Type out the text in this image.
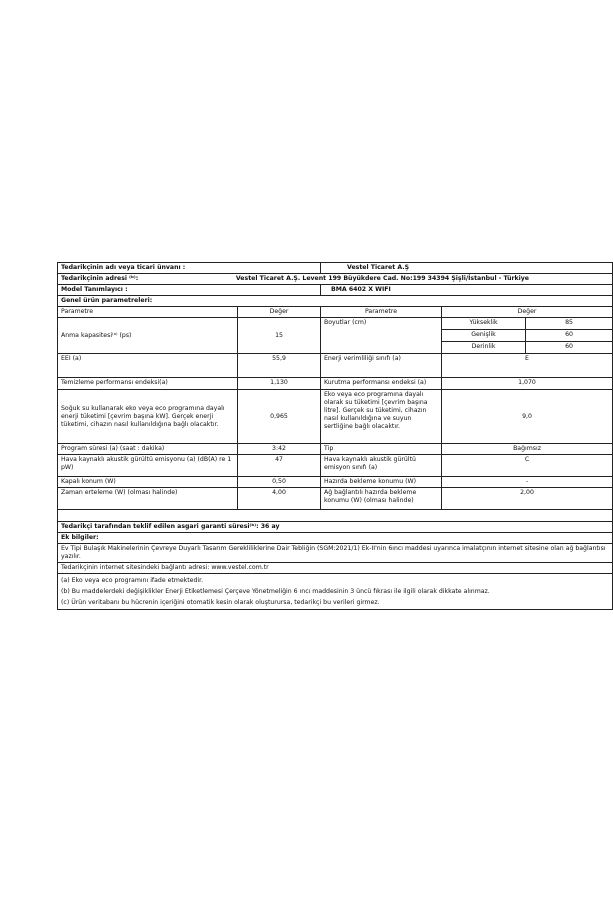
Tedarikçinin adı veya ticari ünvanı :		Vestel Ticaret A.Ş		
Tedarikçinin adresi ⁽ᵇ⁾: Vestel Ticaret A.Ş. Levent 199 Büyükdere Cad. No:199 34394 Şişli/İstanbul - Türkiye				

Model Tanımlayıcı :		BMA 6402 X WIFI		
Genel ürün parametreleri:				
Parametre	Değer	Parametre	Değer	
Anma kapasitesi⁽ᵃ⁾ (ps)	15	Boyutlar (cm)	Yükseklik	85
			Genişlik	60
			Derinlik	60
EEI (a)	55,9	Enerji verimliliği sınıfı (a)	E	
Temizleme performansı endeksi(a)	1,130	Kurutma performansı endeksi (a)	1,070	
Soğuk su kullanarak eko veya eco programına dayalı enerji tüketimi [çevrim başına kW]. Gerçek enerji tüketimi, cihazın nasıl kullanıldığına bağlı olacaktır.	0,965	Eko veya eco programına dayalı olarak su tüketimi [çevrim başına litre]. Gerçek su tüketimi, cihazın nasıl kullanıldığına ve suyun sertliğine bağlı olacaktır.	9,0	
Program süresi (a) (saat : dakika)	3:42	Tip	Bağımsız	
Hava kaynaklı akustik gürültü emisyonu (a) (dB(A) re 1 pW)	47	Hava kaynaklı akustik gürültü emisyon sınıfı (a)	C	
Kapalı konum (W)	0,50	Hazırda bekleme konumu (W)	-	
Zaman erteleme (W) (olması halinde)	4,00	Ağ bağlantılı hazırda bekleme konumu (W) (olması halinde)	2,00	

Tedarikçi tarafından teklif edilen asgari garanti süresi⁽ᵇ⁾: 36 ay				
Ek bilgiler:				
Ev Tipi Bulaşık Makinelerinin Çevreye Duyarlı Tasarım Gerekliliklerine Dair Tebliğin (SGM:2021/1) Ek-II'nin 6ıncı maddesi uyarınca imalatçının internet sitesine olan ağ bağlantısı yazılır.				
Tedarikçinin internet sitesindeki bağlantı adresi: www.vestel.com.tr				

(a) Eko veya eco programını ifade etmektedir.
(b) Bu maddelerdeki değişiklikler Enerji Etiketlemesi Çerçeve Yönetmeliğin 6 ıncı maddesinin 3 üncü fıkrası ile ilgili olarak dikkate alınmaz.
(c) Ürün veritabanı bu hücrenin içeriğini otomatik kesin olarak oluşturursa, tedarikçi bu verileri girmez.				
